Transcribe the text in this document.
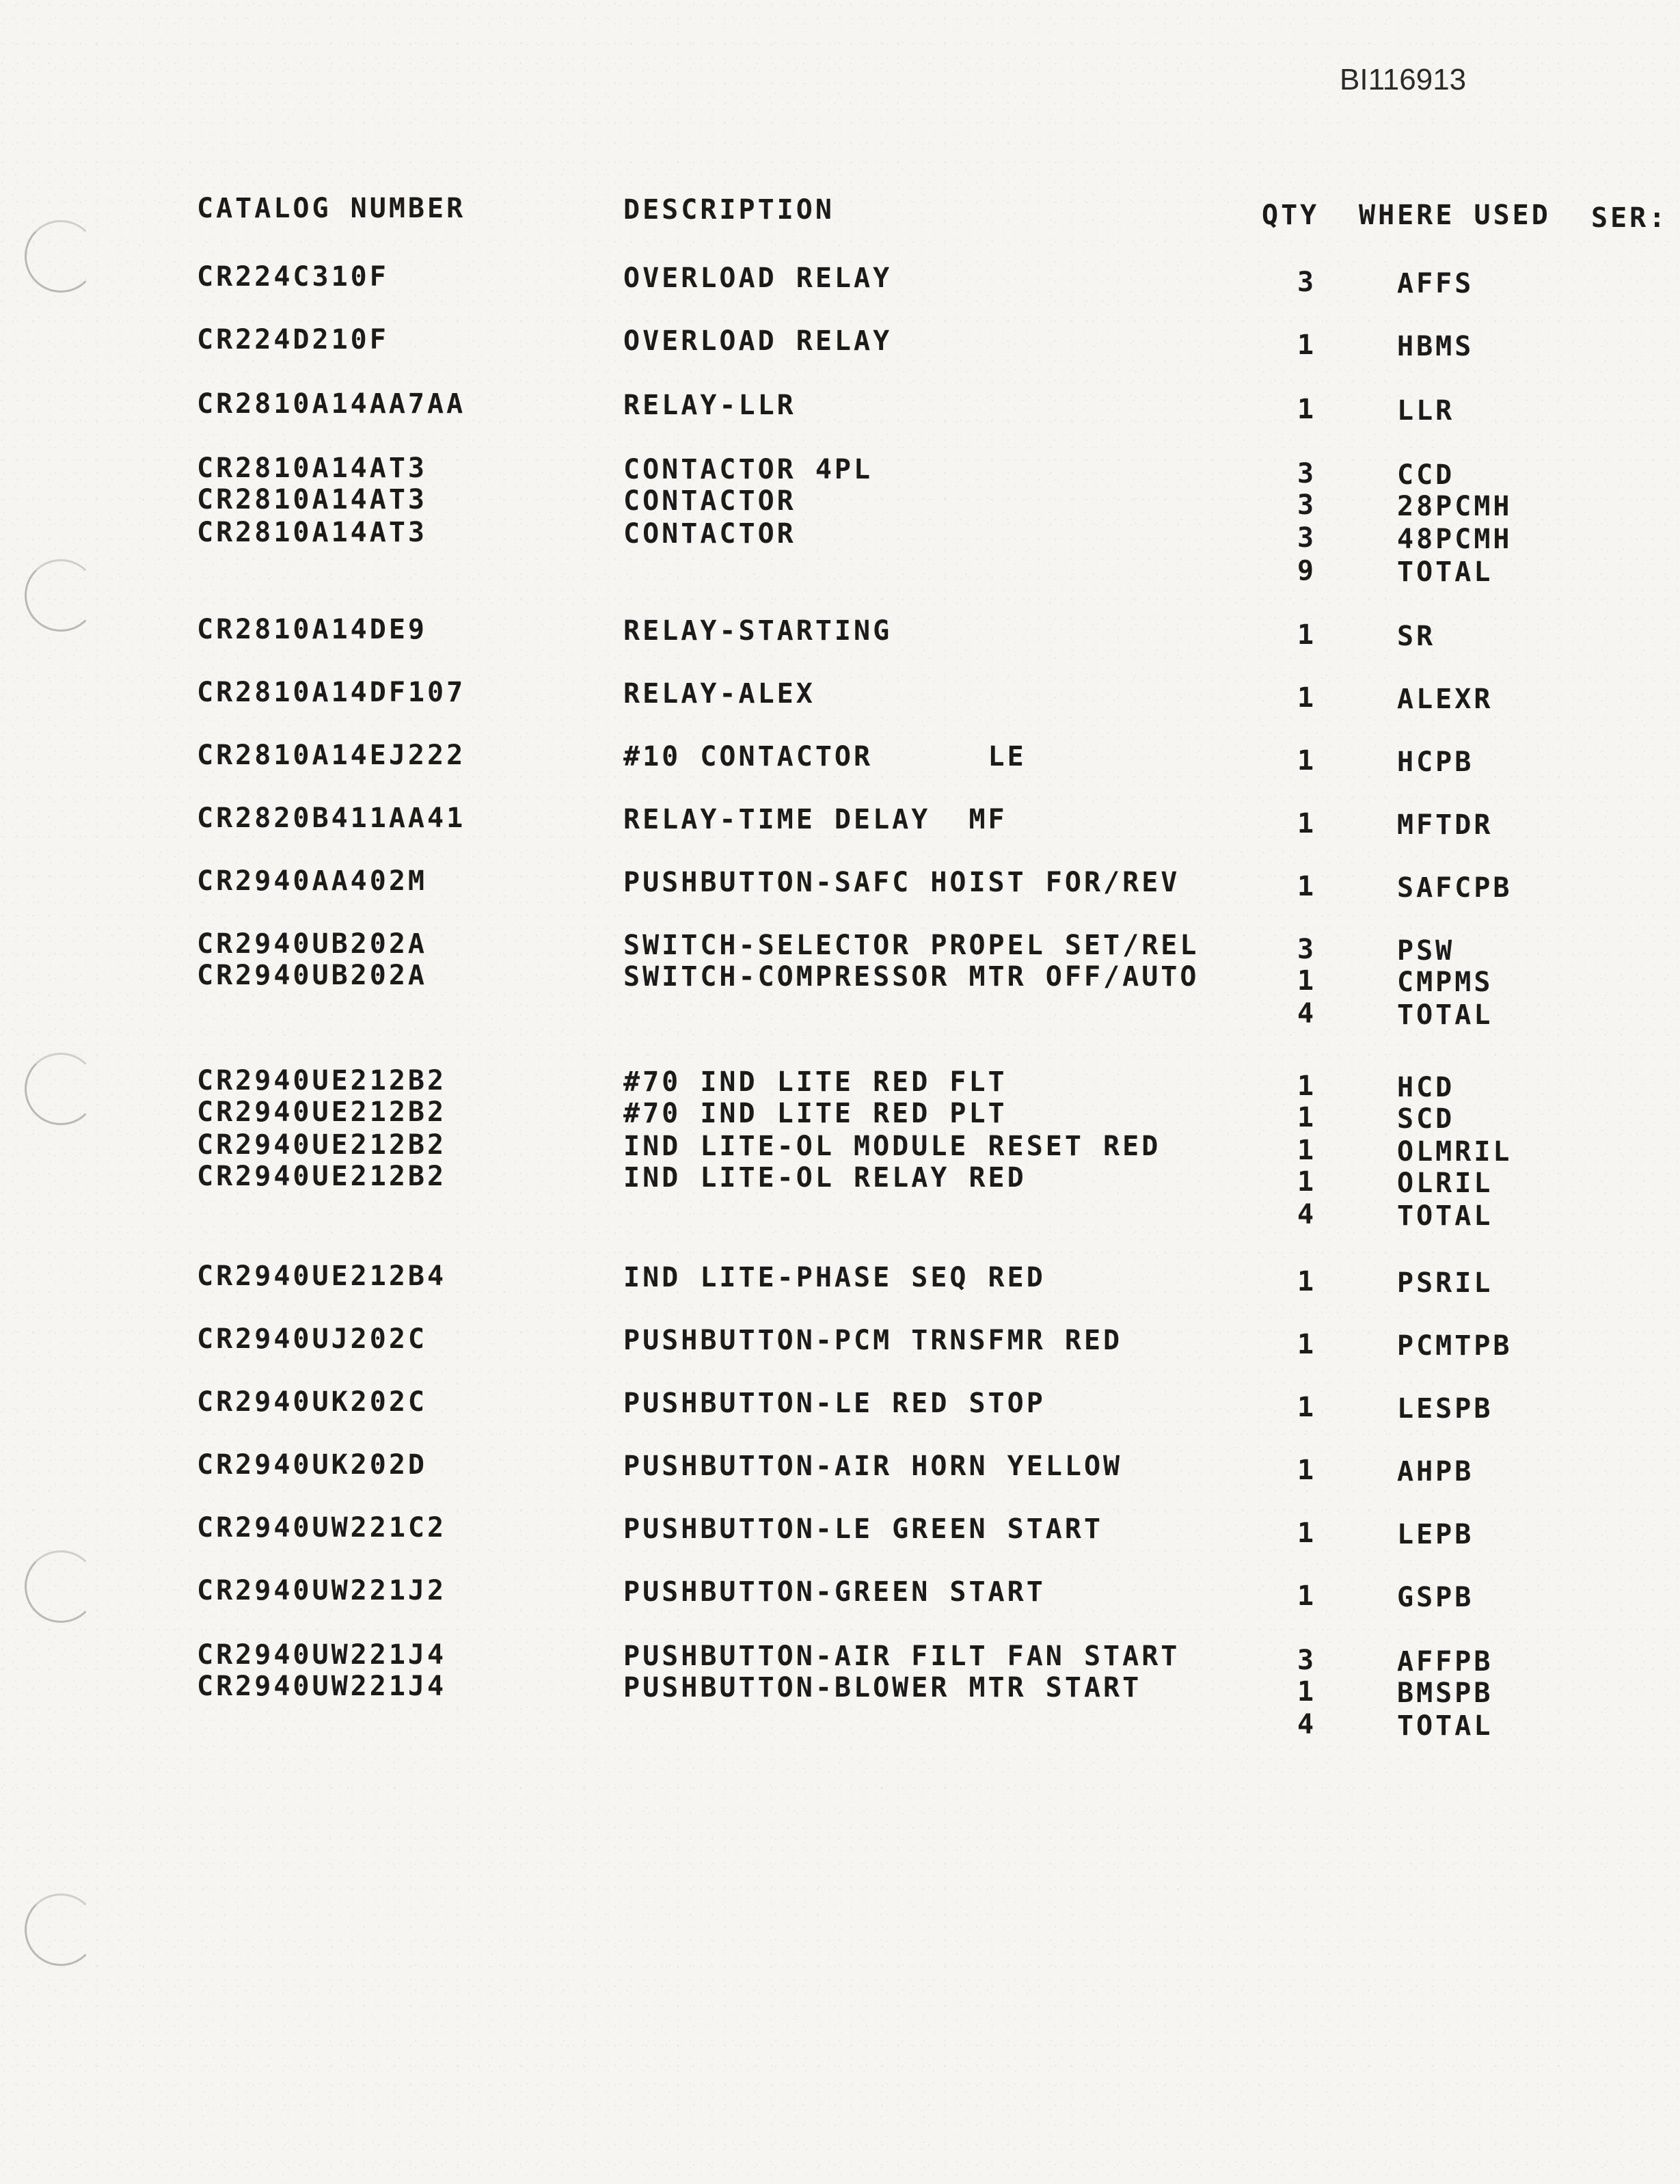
BI116913
CATALOG NUMBER	DESCRIPTION	QTY WHERE USED SER:
CR224C310F	OVERLOAD RELAY	3	AFFS
CR224D210F	OVERLOAD RELAY	1	HBMS
CR2810A14AA7AA	RELAY-LLR	1	LLR
CR2810A14AT3	CONTACTOR 4PL	3	CCD
CR2810A14AT3	CONTACTOR	3	28PCMH
CR2810A14AT3	CONTACTOR	3	48PCMH
9	TOTAL
CR2810A14DE9	RELAY-STARTING	1	SR
CR2810A14DF107	RELAY-ALEX	1	ALEXR
CR2810A14EJ222	#10 CONTACTOR      LE	1	HCPB
CR2820B411AA41	RELAY-TIME DELAY  MF	1	MFTDR
CR2940AA402M	PUSHBUTTON-SAFC HOIST FOR/REV	1	SAFCPB
CR2940UB202A	SWITCH-SELECTOR PROPEL SET/REL	3	PSW
CR2940UB202A	SWITCH-COMPRESSOR MTR OFF/AUTO	1	CMPMS
4	TOTAL
CR2940UE212B2	#70 IND LITE RED FLT	1	HCD
CR2940UE212B2	#70 IND LITE RED PLT	1	SCD
CR2940UE212B2	IND LITE-OL MODULE RESET RED	1	OLMRIL
CR2940UE212B2	IND LITE-OL RELAY RED	1	OLRIL
4	TOTAL
CR2940UE212B4	IND LITE-PHASE SEQ RED	1	PSRIL
CR2940UJ202C	PUSHBUTTON-PCM TRNSFMR RED	1	PCMTPB
CR2940UK202C	PUSHBUTTON-LE RED STOP	1	LESPB
CR2940UK202D	PUSHBUTTON-AIR HORN YELLOW	1	AHPB
CR2940UW221C2	PUSHBUTTON-LE GREEN START	1	LEPB
CR2940UW221J2	PUSHBUTTON-GREEN START	1	GSPB
CR2940UW221J4	PUSHBUTTON-AIR FILT FAN START	3	AFFPB
CR2940UW221J4	PUSHBUTTON-BLOWER MTR START	1	BMSPB
4	TOTAL
